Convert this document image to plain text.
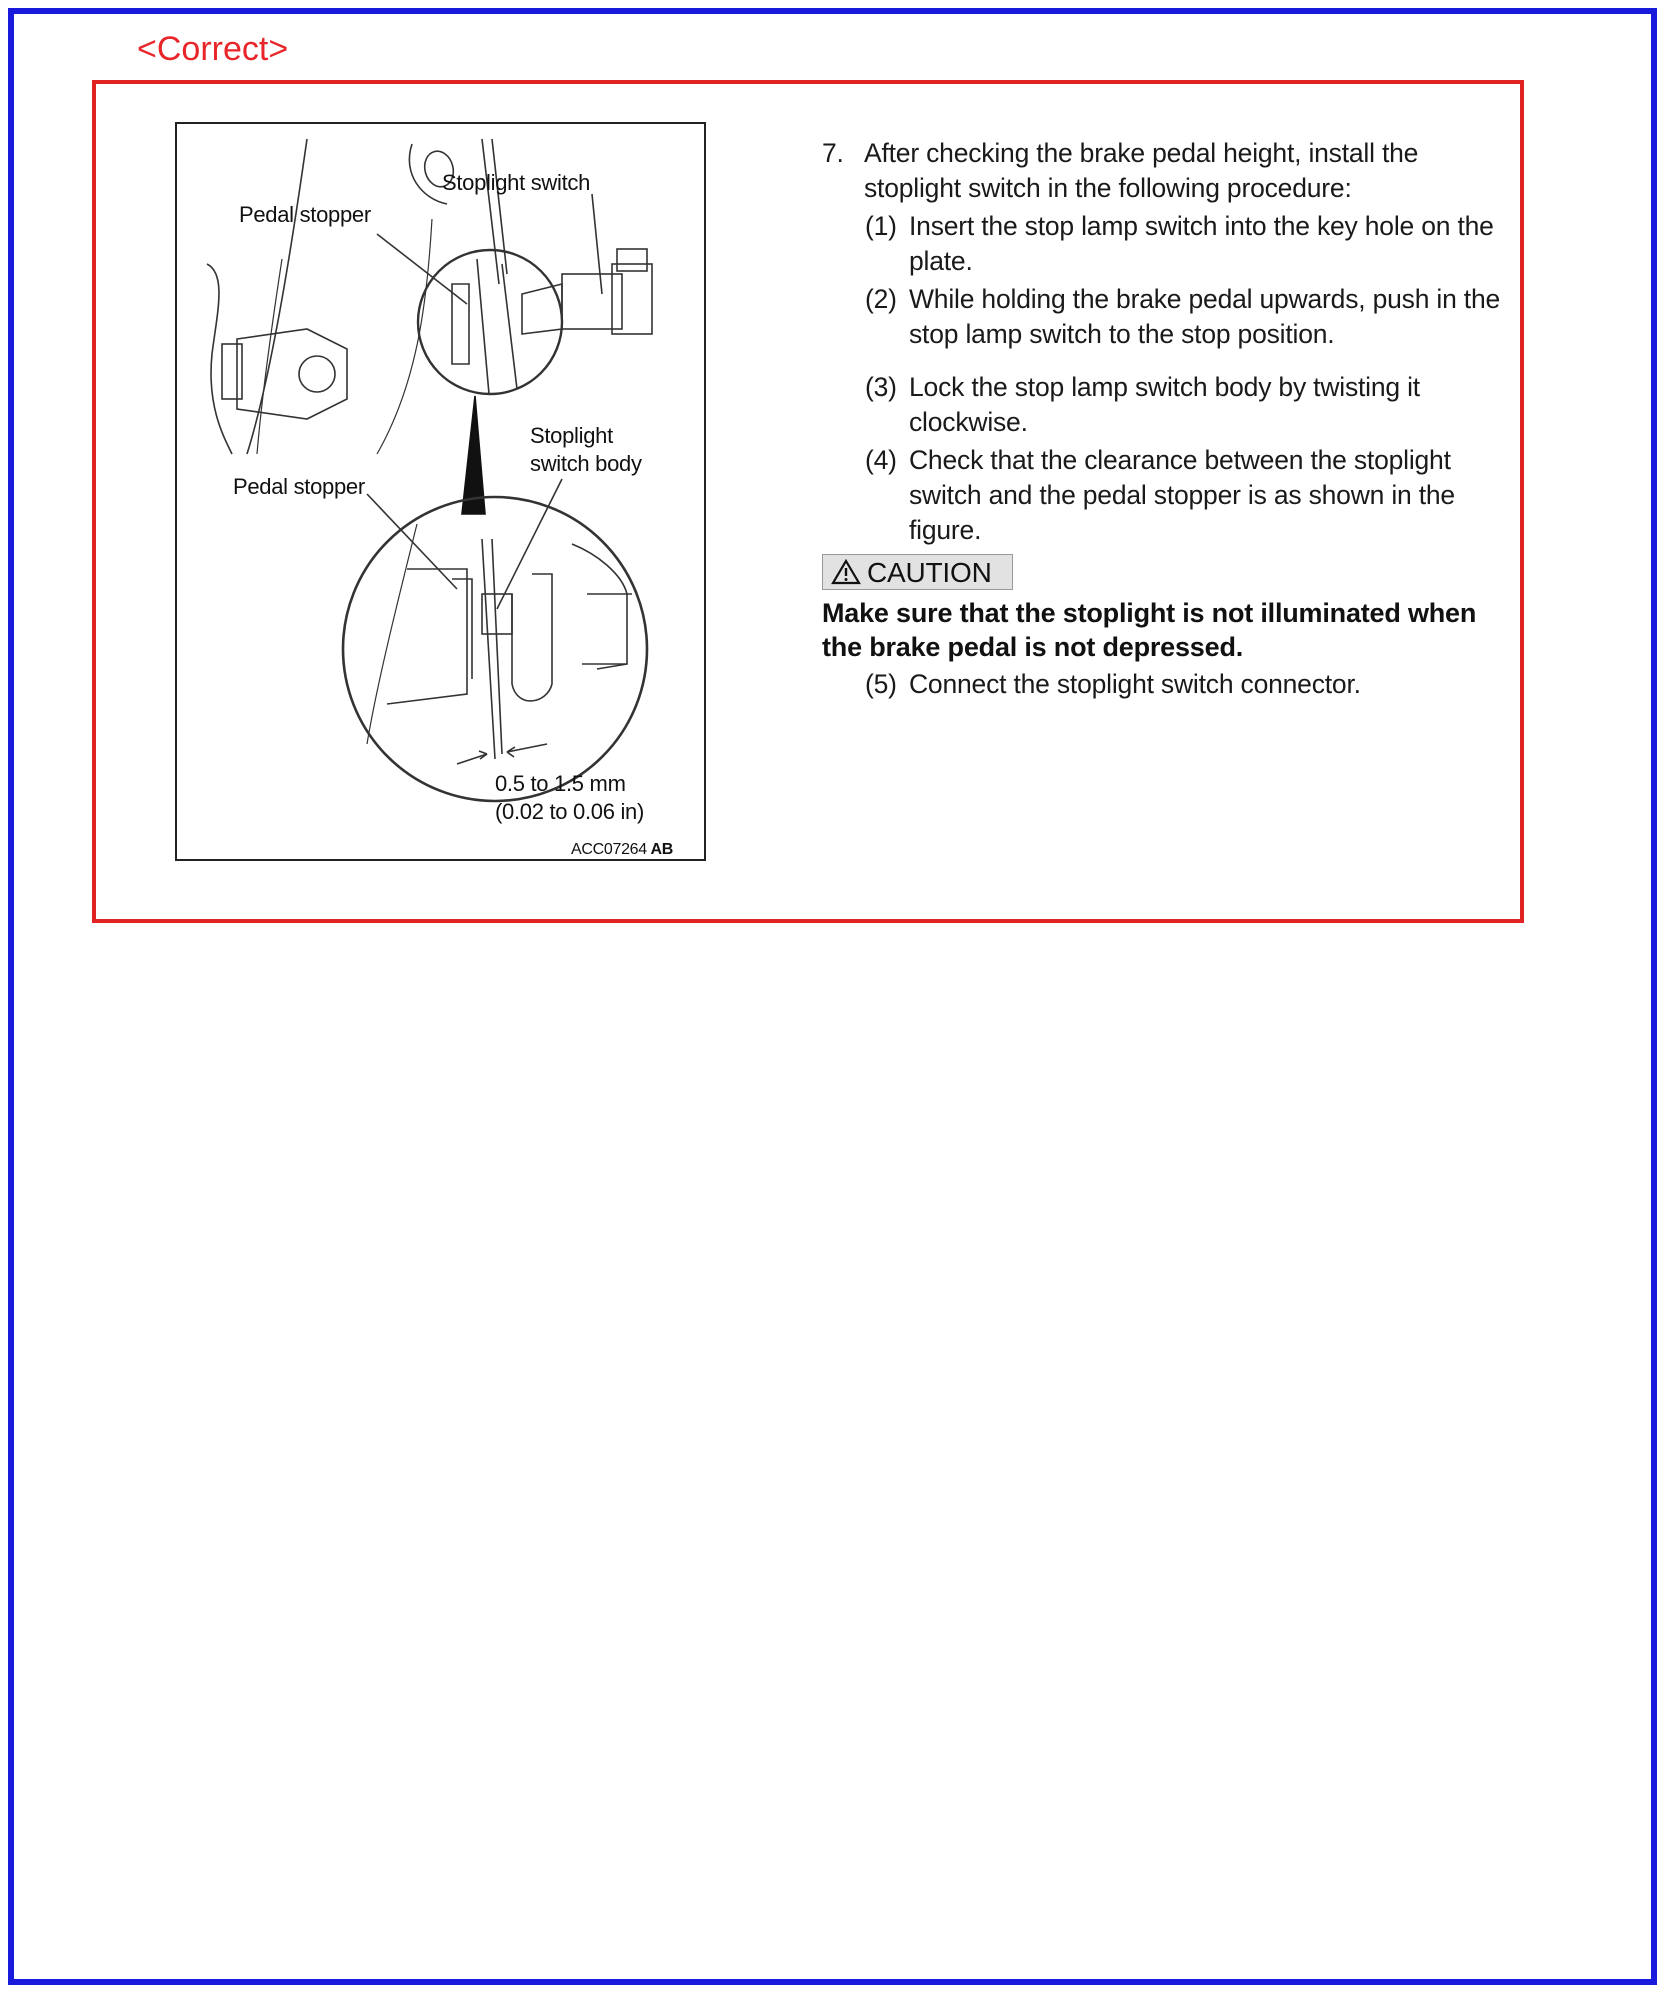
<Correct>
Stoplight switch
Pedal stopper
Pedal stopper
Stoplight
switch body
0.5 to 1.5 mm
(0.02 to 0.06 in)
ACC07264 AB
7. After checking the brake pedal height, install the stoplight switch in the following procedure:
(1) Insert the stop lamp switch into the key hole on the plate.
(2) While holding the brake pedal upwards, push in the stop lamp switch to the stop position.
(3) Lock the stop lamp switch body by twisting it clockwise.
(4) Check that the clearance between the stoplight switch and the pedal stopper is as shown in the figure.
CAUTION
Make sure that the stoplight is not illuminated when the brake pedal is not depressed.
(5) Connect the stoplight switch connector.
